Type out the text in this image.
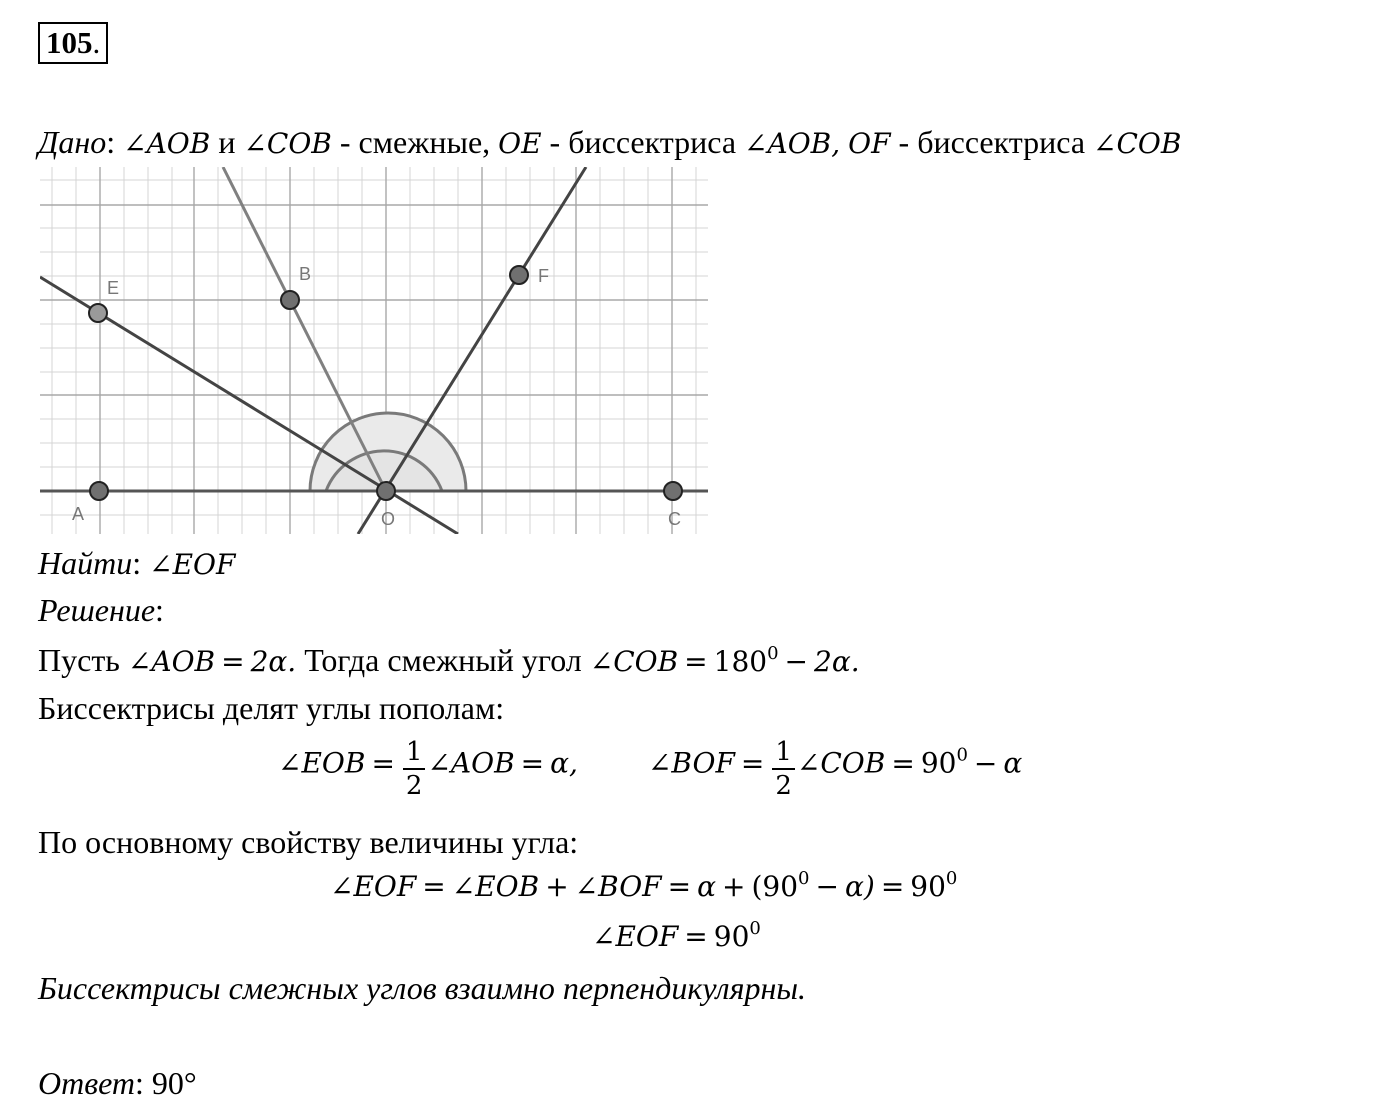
105.
Дано: ∠AOB и ∠COB - смежные, OE - биссектриса ∠AOB, OF - биссектриса ∠COB
A	O	C
B
E
F
Найти: ∠EOF
Решение:
Пусть ∠AOB = 2α. Тогда смежный угол ∠COB = $180^0 - 2\alpha$.
Биссектрисы делят углы пополам:
∠EOB = $\frac{1}{2}$ ∠AOB = α,	∠BOF = $\frac{1}{2}$ ∠COB = $90^0 - \alpha$
По основному свойству величины угла:
∠EOF = ∠EOB + ∠BOF = $\alpha + (90^0 - \alpha) = 90^0$
∠EOF = $90^0$
Биссектрисы смежных углов взаимно перпендикулярны.
Ответ: 90°
